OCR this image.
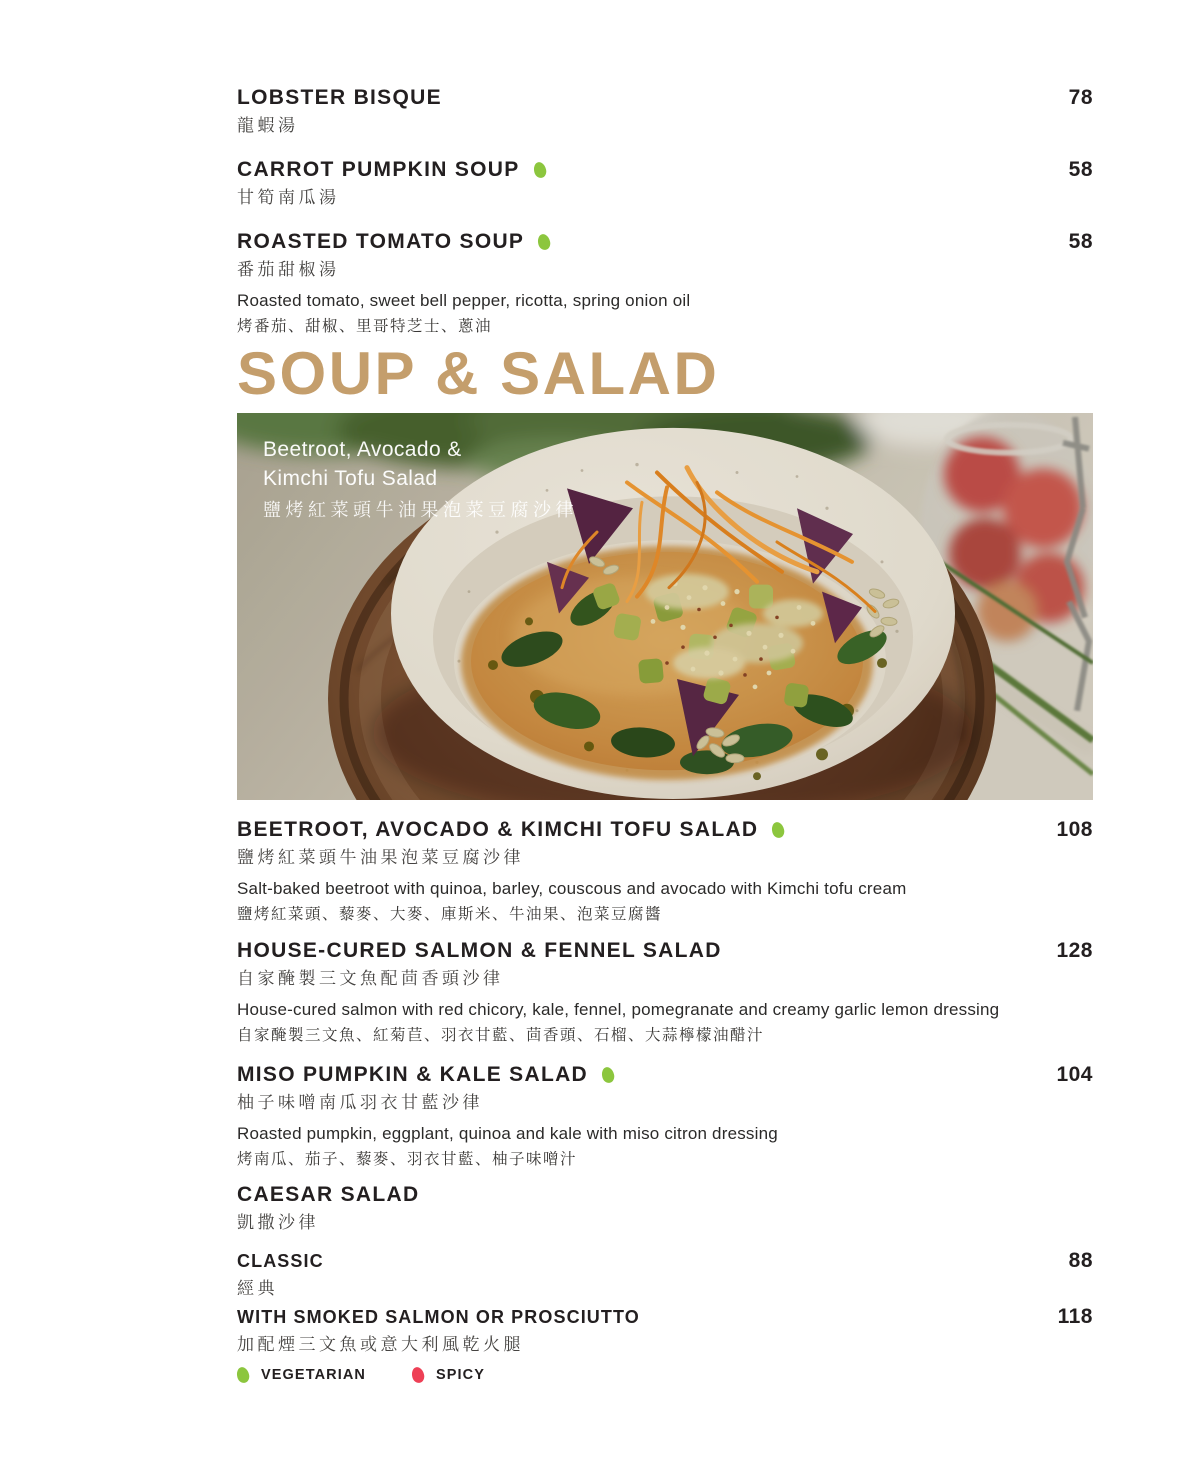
LOBSTER BISQUE	78
龍蝦湯
CARROT PUMPKIN SOUP	58
甘筍南瓜湯
ROASTED TOMATO SOUP	58
番茄甜椒湯
Roasted tomato, sweet bell pepper, ricotta, spring onion oil
烤番茄、甜椒、里哥特芝士、蔥油
SOUP & SALAD
Beetroot, Avocado &
Kimchi Tofu Salad
鹽烤紅菜頭牛油果泡菜豆腐沙律
BEETROOT, AVOCADO & KIMCHI TOFU SALAD	108
鹽烤紅菜頭牛油果泡菜豆腐沙律
Salt-baked beetroot with quinoa, barley, couscous and avocado with Kimchi tofu cream
鹽烤紅菜頭、藜麥、大麥、庫斯米、牛油果、泡菜豆腐醬
HOUSE-CURED SALMON & FENNEL SALAD	128
自家醃製三文魚配茴香頭沙律
House-cured salmon with red chicory, kale, fennel, pomegranate and creamy garlic lemon dressing
自家醃製三文魚、紅菊苣、羽衣甘藍、茴香頭、石榴、大蒜檸檬油醋汁
MISO PUMPKIN & KALE SALAD	104
柚子味噌南瓜羽衣甘藍沙律
Roasted pumpkin, eggplant, quinoa and kale with miso citron dressing
烤南瓜、茄子、藜麥、羽衣甘藍、柚子味噌汁
CAESAR SALAD
凱撒沙律
CLASSIC	88
經典
WITH SMOKED SALMON OR PROSCIUTTO	118
加配煙三文魚或意大利風乾火腿
VEGETARIAN	SPICY
